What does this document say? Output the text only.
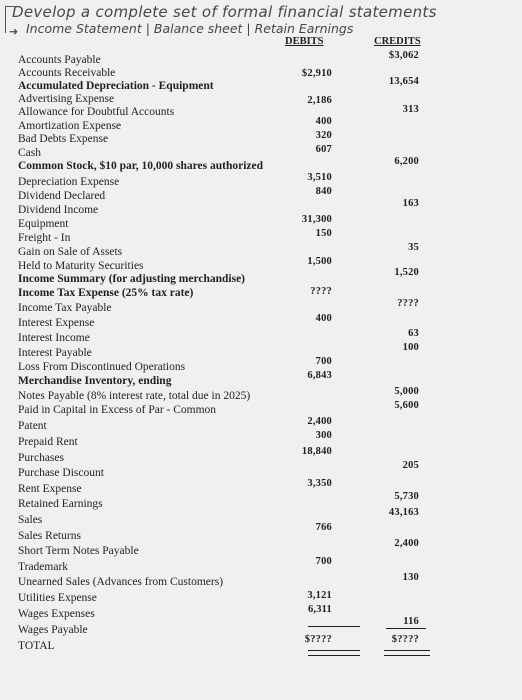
➜
Develop a complete set of formal financial statements
Income Statement | Balance sheet | Retain Earnings
DEBITS	CREDITS
Accounts Payable
Accounts Receivable
Accumulated Depreciation - Equipment
Advertising Expense
Allowance for Doubtful Accounts
Amortization Expense
Bad Debts Expense
Cash
Common Stock, $10 par, 10,000 shares authorized
Depreciation Expense
Dividend Declared
Dividend Income
Equipment
Freight - In
Gain on Sale of Assets
Held to Maturity Securities
Income Summary (for adjusting merchandise)
Income Tax Expense (25% tax rate)
Income Tax Payable
Interest Expense
Interest Income
Interest Payable
Loss From Discontinued Operations
Merchandise Inventory, ending
Notes Payable (8% interest rate, total due in 2025)
Paid in Capital in Excess of Par - Common
Patent
Prepaid Rent
Purchases
Purchase Discount
Rent Expense
Retained Earnings
Sales
Sales Returns
Short Term Notes Payable
Trademark
Unearned Sales (Advances from Customers)
Utilities Expense
Wages Expenses
Wages Payable
TOTAL
$2,910
2,186
400
320
607
3,510
840
31,300
150
1,500
????
400
700
6,843
2,400
300
18,840
3,350
766
700
3,121
6,311
$????
$3,062
13,654
313
6,200
163
35
1,520
????
63
100
5,000
5,600
205
5,730
43,163
2,400
130
116
$????
